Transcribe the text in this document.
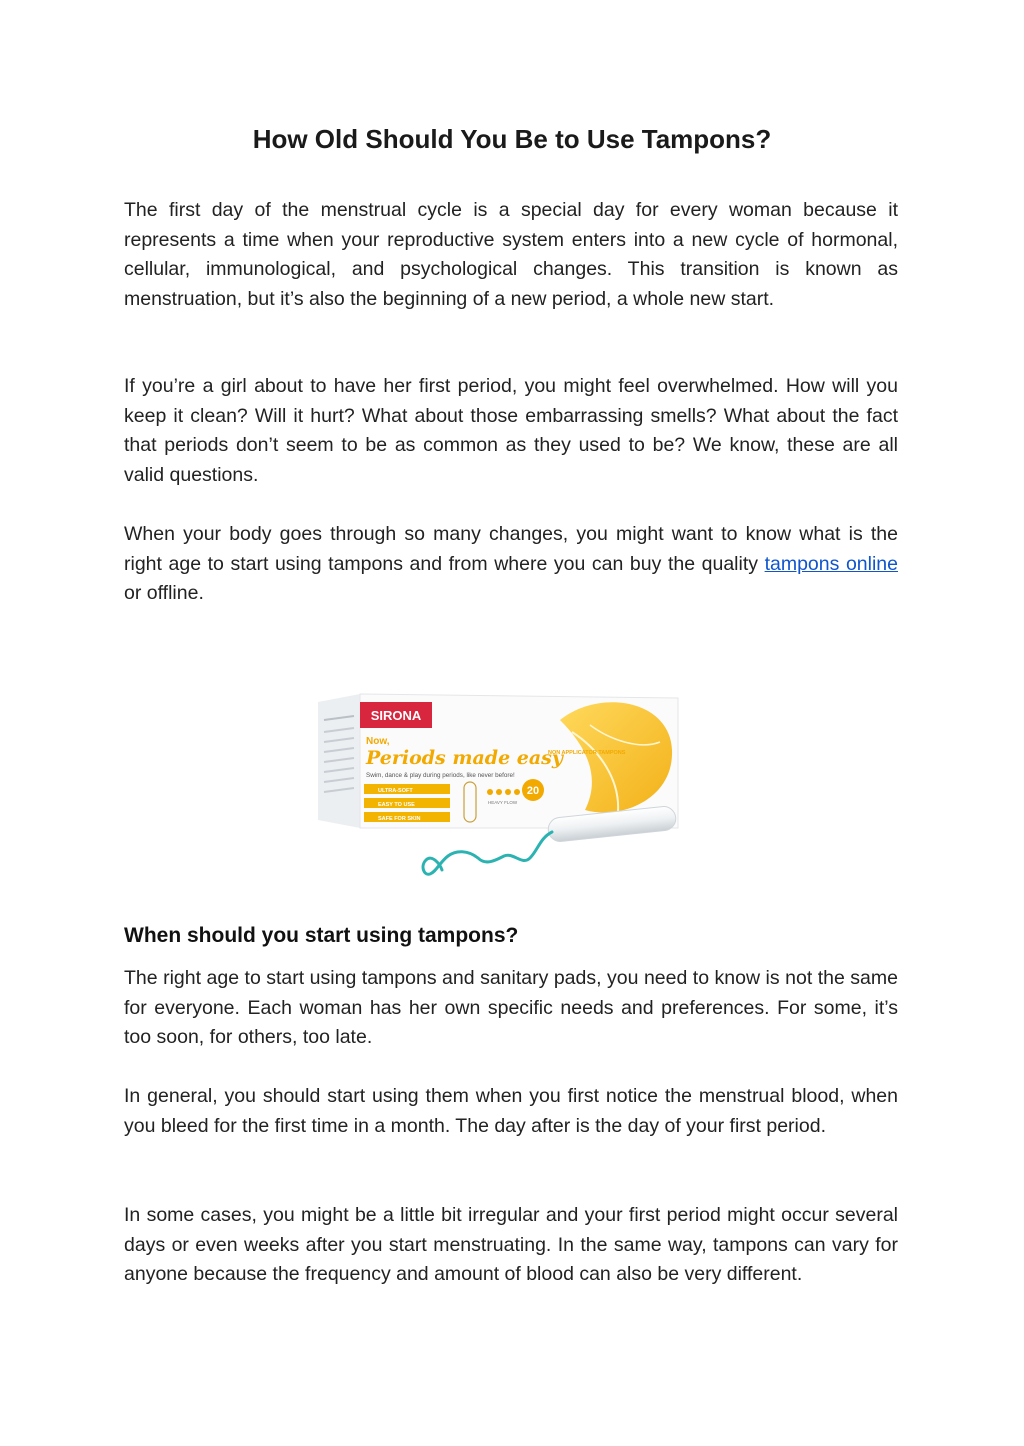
How Old Should You Be to Use Tampons?

The first day of the menstrual cycle is a special day for every woman because it represents a time when your reproductive system enters into a new cycle of hormonal, cellular, immunological, and psychological changes. This transition is known as menstruation, but it’s also the beginning of a new period, a whole new start.

If you’re a girl about to have her first period, you might feel overwhelmed. How will you keep it clean? Will it hurt? What about those embarrassing smells? What about the fact that periods don’t seem to be as common as they used to be? We know, these are all valid questions.

When your body goes through so many changes, you might want to know what is the right age to start using tampons and from where you can buy the quality tampons online or offline.

SIRONA
Now,
Periods made easy
Swim, dance & play during periods, like never before!
NON APPLICATOR TAMPONS
ULTRA-SOFT
EASY TO USE
SAFE FOR SKIN
HEAVY FLOW
20
When should you start using tampons?

The right age to start using tampons and sanitary pads, you need to know is not the same for everyone. Each woman has her own specific needs and preferences. For some, it’s too soon, for others, too late.

In general, you should start using them when you first notice the menstrual blood, when you bleed for the first time in a month. The day after is the day of your first period.

In some cases, you might be a little bit irregular and your first period might occur several days or even weeks after you start menstruating. In the same way, tampons can vary for anyone because the frequency and amount of blood can also be very different.
